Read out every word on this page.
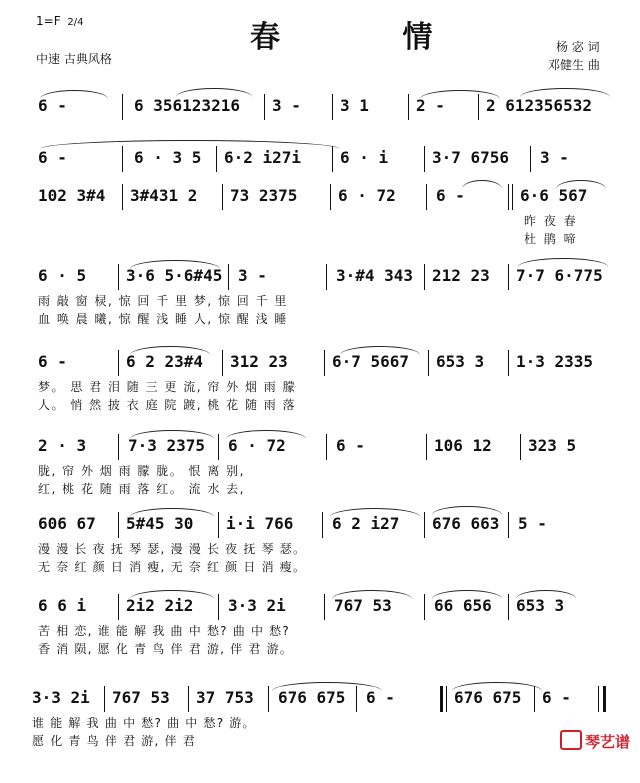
1=F 2/4	春 情
中速 古典风格
杨 宓 词
邓健生 曲
6 -	6 356123216 3 - 3 1	2 -	2 612356532
6 -	6 · 3 5 6·2 i27i 6 · i	3·7 6756 3 -
102 3#4 3#431 2 73 2375	6 · 72	6 -	6·6 567
昨 夜 春
杜 鹃 啼
6 · 5 3·6 5·6#45 3 -	3·#4 343 212 23 7·7 6·775
雨 敲 窗 棂, 惊 回 千 里 梦, 惊 回 千 里
血 唤 晨 曦, 惊 醒 浅 睡 人, 惊 醒 浅 睡
6 -	6 2 23#4 312 23	6·7 5667 653 3 1·3 2335
梦。 思 君 泪 随 三 更 流, 帘 外 烟 雨 朦
人。 悄 然 披 衣 庭 院 踱, 桃 花 随 雨 落
2 · 3	7·3 2375 6 · 72	6 -	106 12 323 5
胧, 帘 外 烟 雨 朦 胧。 恨 离 别,
红, 桃 花 随 雨 落 红。 流 水 去,
606 67 5#45 30 i·i 766 6 2 i27 676 663 5 -
漫 漫 长 夜 抚 琴 瑟, 漫 漫 长 夜 抚 琴 瑟。
无 奈 红 颜 日 消 瘦, 无 奈 红 颜 日 消 瘦。
6 6 i 2i2 2i2 3·3 2i	767 53	66 656 653 3
苦 相 恋, 谁 能 解 我 曲 中 愁? 曲 中 愁?
香 消 陨, 愿 化 青 鸟 伴 君 游, 伴 君 游。
3·3 2i 767 53 37 753 676 675 6 -	676 675 6 -
谁 能 解 我 曲 中 愁? 曲 中 愁? 游。
愿 化 青 鸟 伴 君 游, 伴 君	琴艺谱
